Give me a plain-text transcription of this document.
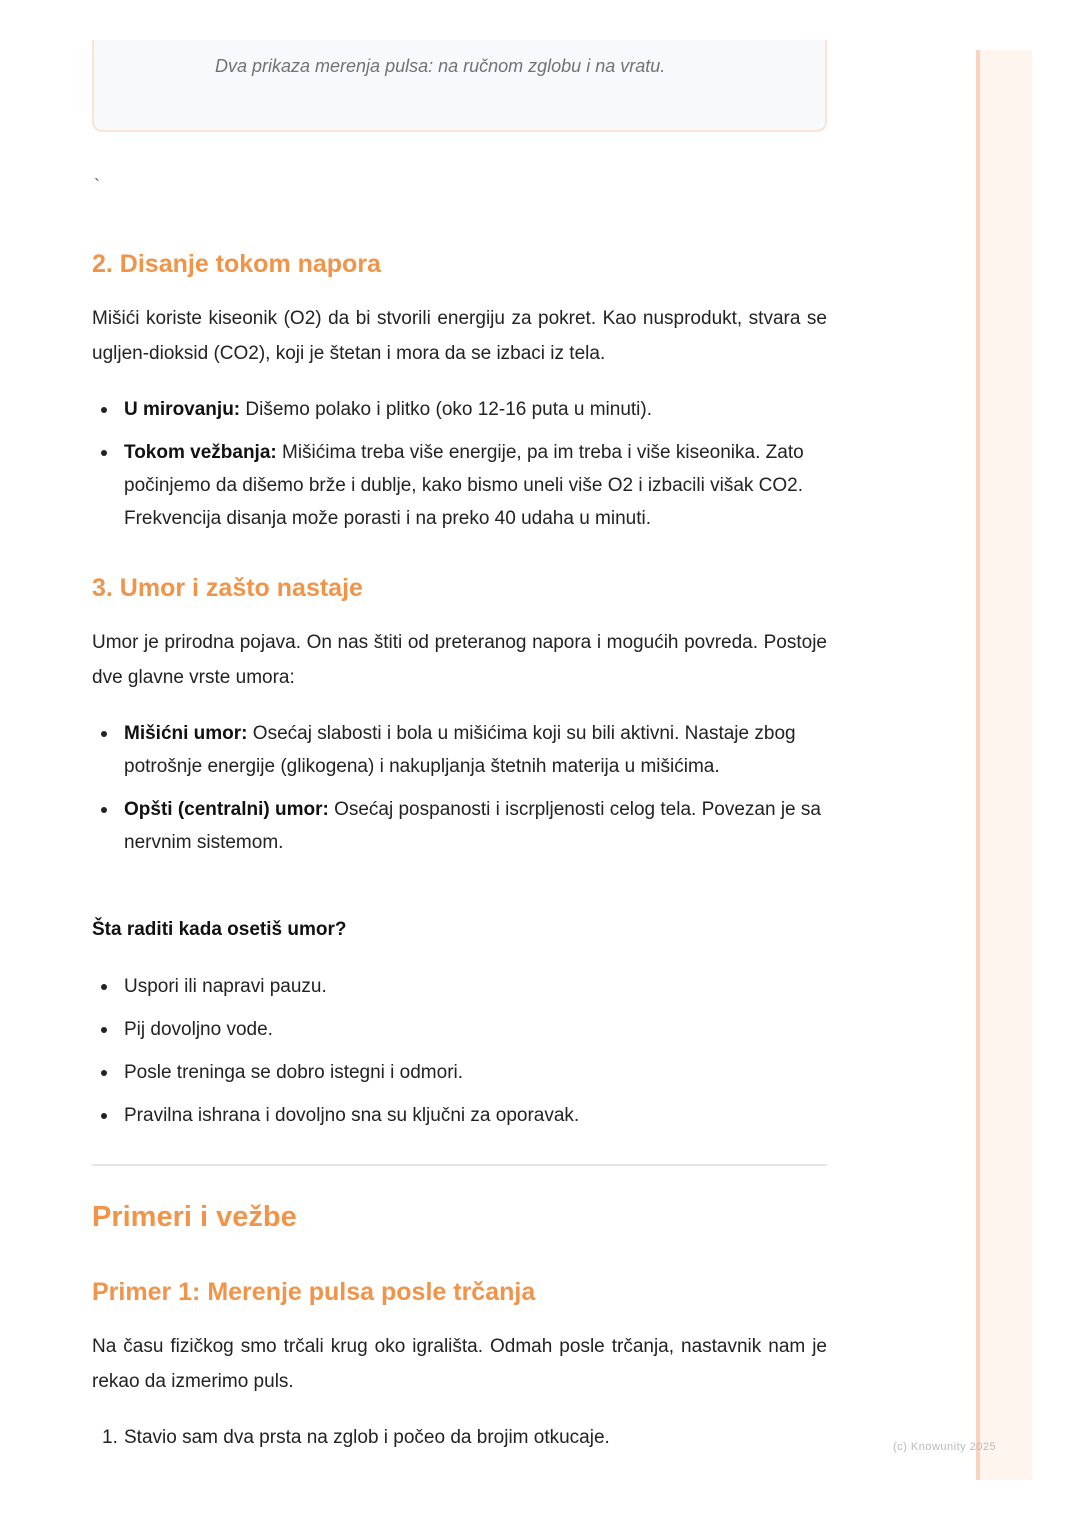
Dva prikaza merenja pulsa: na ručnom zglobu i na vratu.
`
2. Disanje tokom napora

Mišići koriste kiseonik (O2) da bi stvorili energiju za pokret. Kao nusprodukt, stvara se ugljen-dioksid (CO2), koji je štetan i mora da se izbaci iz tela.

U mirovanju: Dišemo polako i plitko (oko 12-16 puta u minuti).
Tokom vežbanja: Mišićima treba više energije, pa im treba i više kiseonika. Zato počinjemo da dišemo brže i dublje, kako bismo uneli više O2 i izbacili višak CO2. Frekvencija disanja može porasti i na preko 40 udaha u minuti.
3. Umor i zašto nastaje

Umor je prirodna pojava. On nas štiti od preteranog napora i mogućih povreda. Postoje dve glavne vrste umora:

Mišićni umor: Osećaj slabosti i bola u mišićima koji su bili aktivni. Nastaje zbog potrošnje energije (glikogena) i nakupljanja štetnih materija u mišićima.
Opšti (centralni) umor: Osećaj pospanosti i iscrpljenosti celog tela. Povezan je sa nervnim sistemom.

Šta raditi kada osetiš umor?

Uspori ili napravi pauzu.
Pij dovoljno vode.
Posle treninga se dobro istegni i odmori.
Pravilna ishrana i dovoljno sna su ključni za oporavak.
Primeri i vežbe
Primer 1: Merenje pulsa posle trčanja

Na času fizičkog smo trčali krug oko igrališta. Odmah posle trčanja, nastavnik nam je rekao da izmerimo puls.

1. Stavio sam dva prsta na zglob i počeo da brojim otkucaje.	(c) Knowunity 2025
